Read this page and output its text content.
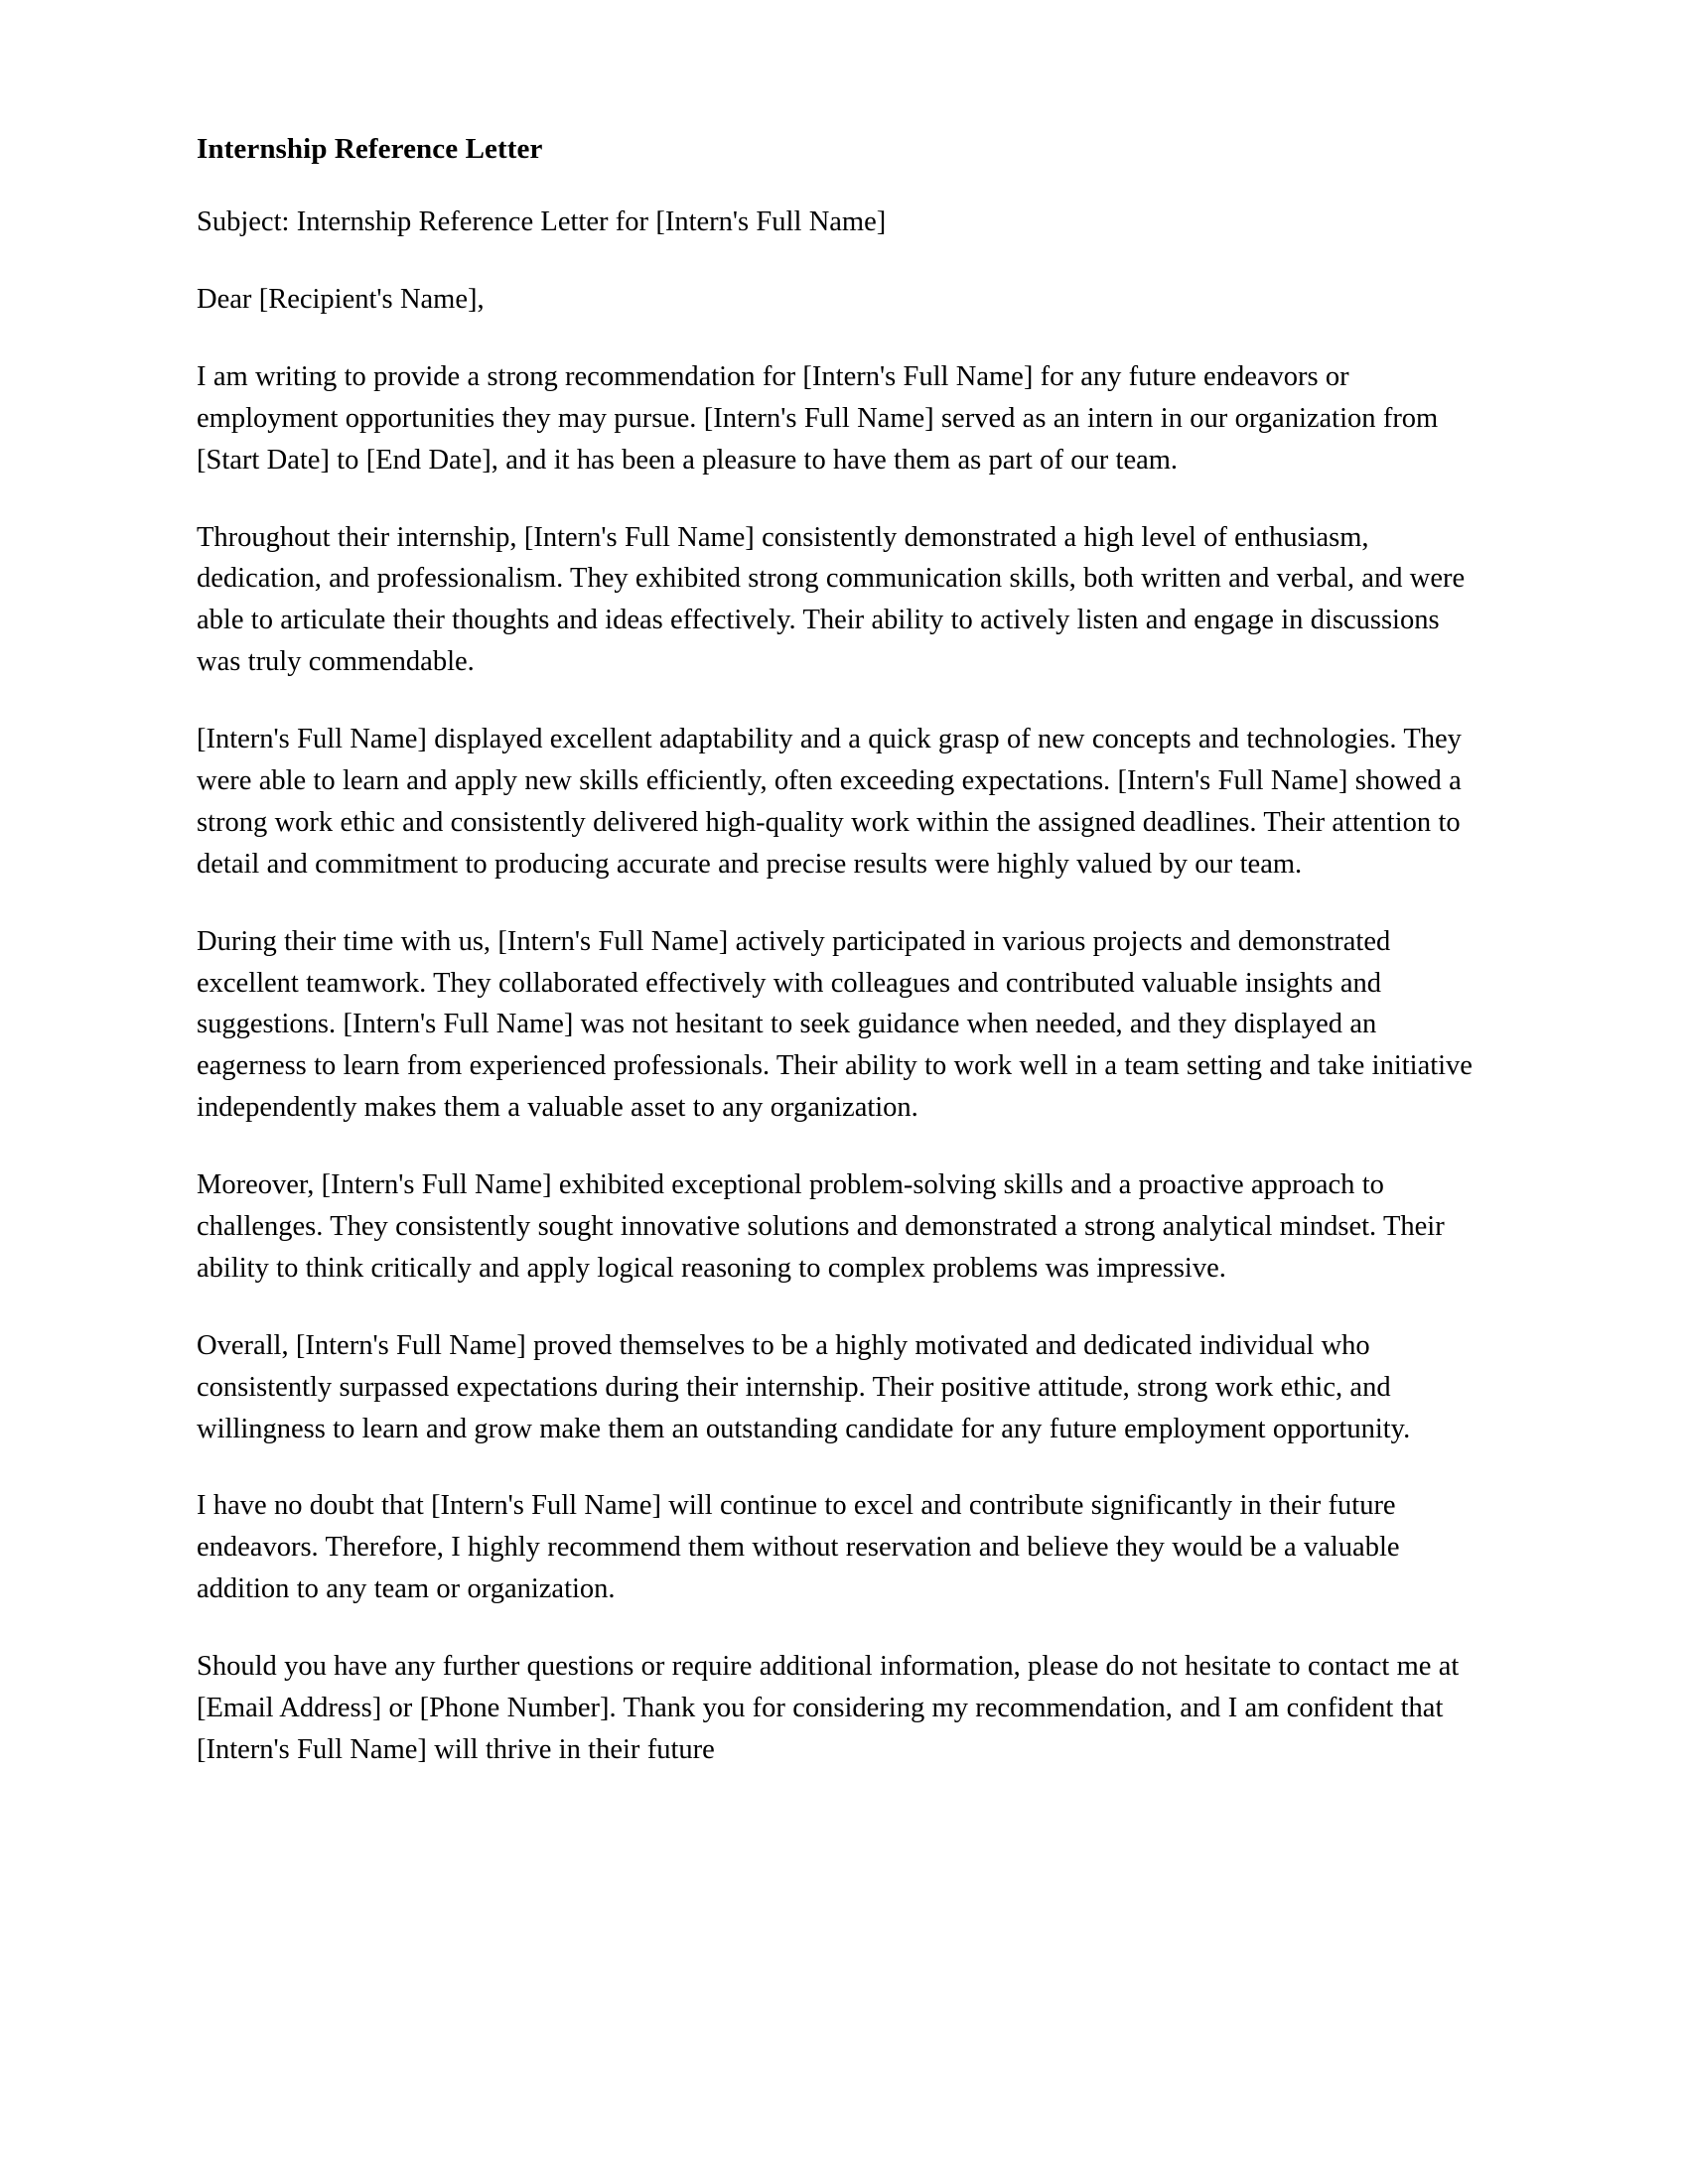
Internship Reference Letter

Subject: Internship Reference Letter for [Intern's Full Name]

Dear [Recipient's Name],

I am writing to provide a strong recommendation for [Intern's Full Name] for any future endeavors or employment opportunities they may pursue. [Intern's Full Name] served as an intern in our organization from [Start Date] to [End Date], and it has been a pleasure to have them as part of our team.

Throughout their internship, [Intern's Full Name] consistently demonstrated a high level of enthusiasm, dedication, and professionalism. They exhibited strong communication skills, both written and verbal, and were able to articulate their thoughts and ideas effectively. Their ability to actively listen and engage in discussions was truly commendable.

[Intern's Full Name] displayed excellent adaptability and a quick grasp of new concepts and technologies. They were able to learn and apply new skills efficiently, often exceeding expectations. [Intern's Full Name] showed a strong work ethic and consistently delivered high-quality work within the assigned deadlines. Their attention to detail and commitment to producing accurate and precise results were highly valued by our team.

During their time with us, [Intern's Full Name] actively participated in various projects and demonstrated excellent teamwork. They collaborated effectively with colleagues and contributed valuable insights and suggestions. [Intern's Full Name] was not hesitant to seek guidance when needed, and they displayed an eagerness to learn from experienced professionals. Their ability to work well in a team setting and take initiative independently makes them a valuable asset to any organization.

Moreover, [Intern's Full Name] exhibited exceptional problem-solving skills and a proactive approach to challenges. They consistently sought innovative solutions and demonstrated a strong analytical mindset. Their ability to think critically and apply logical reasoning to complex problems was impressive.

Overall, [Intern's Full Name] proved themselves to be a highly motivated and dedicated individual who consistently surpassed expectations during their internship. Their positive attitude, strong work ethic, and willingness to learn and grow make them an outstanding candidate for any future employment opportunity.

I have no doubt that [Intern's Full Name] will continue to excel and contribute significantly in their future endeavors. Therefore, I highly recommend them without reservation and believe they would be a valuable addition to any team or organization.

Should you have any further questions or require additional information, please do not hesitate to contact me at [Email Address] or [Phone Number]. Thank you for considering my recommendation, and I am confident that [Intern's Full Name] will thrive in their future
